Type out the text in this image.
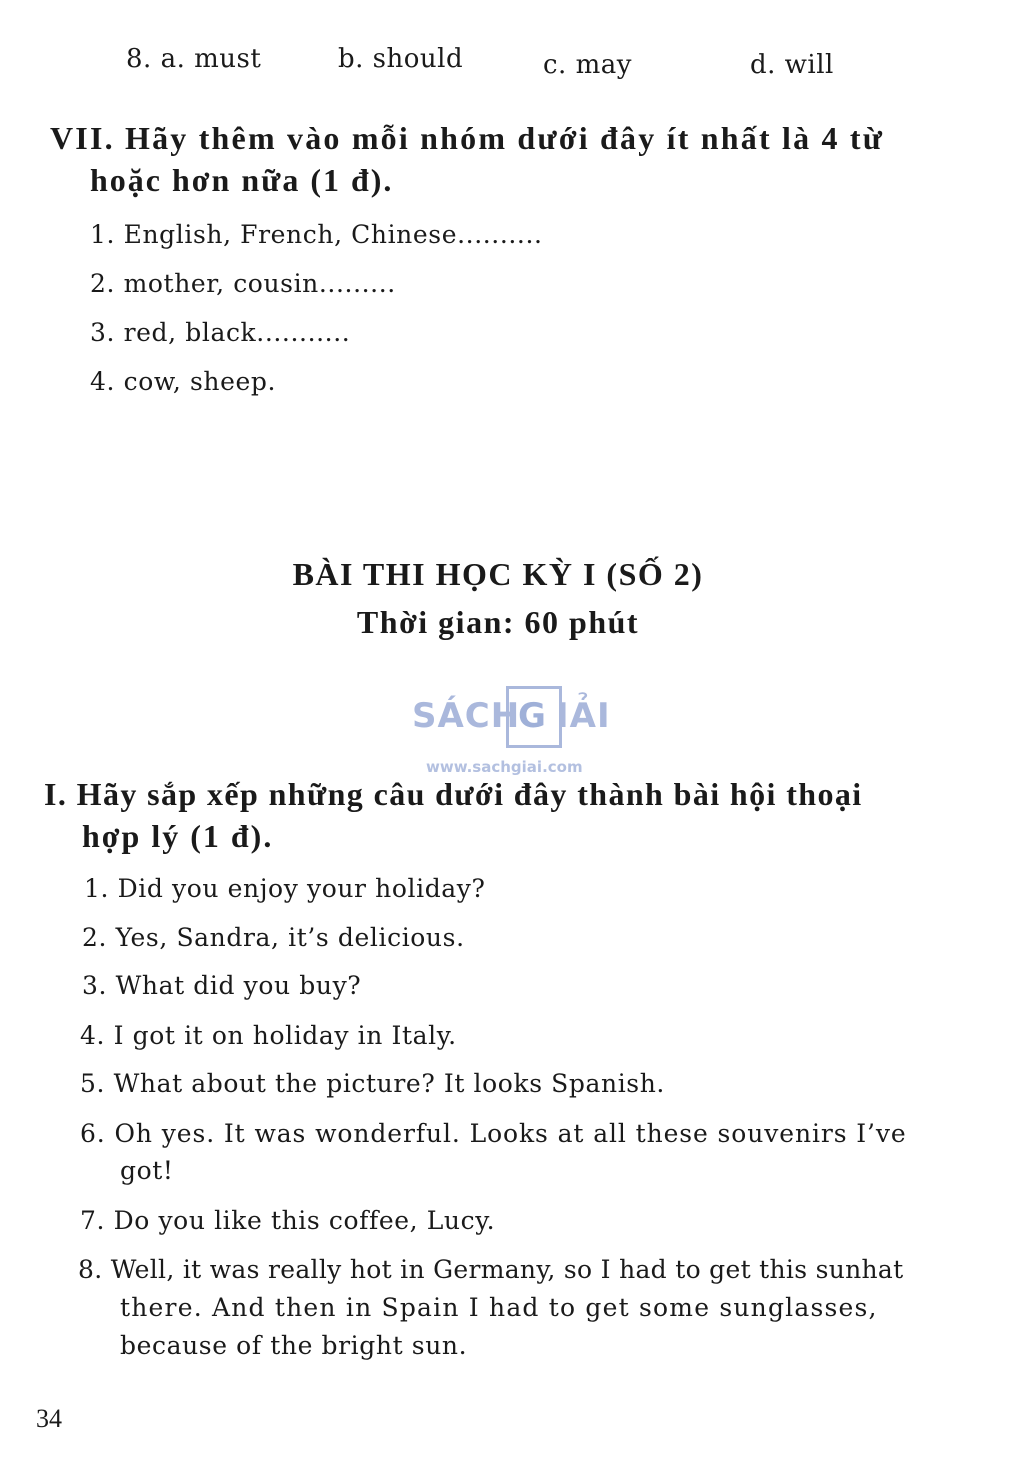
8. a. must	b. should	c. may	d. will
VII. Hãy thêm vào mỗi nhóm dưới đây ít nhất là 4 từ
hoặc hơn nữa (1 đ).
1. English, French, Chinese..........
2. mother, cousin.........
3. red, black...........
4. cow, sheep.
BÀI THI HỌC KỲ I (SỐ 2)
Thời gian: 60 phút
SÁCH
G IẢI
www.sachgiai.com
I. Hãy sắp xếp những câu dưới đây thành bài hội thoại
hợp lý (1 đ).
1. Did you enjoy your holiday?
2. Yes, Sandra, it’s delicious.
3. What did you buy?
4. I got it on holiday in Italy.
5. What about the picture? It looks Spanish.
6. Oh yes. It was wonderful. Looks at all these souvenirs I’ve
got!
7. Do you like this coffee, Lucy.
8. Well, it was really hot in Germany, so I had to get this sunhat
there. And then in Spain I had to get some sunglasses,
because of the bright sun.
34
